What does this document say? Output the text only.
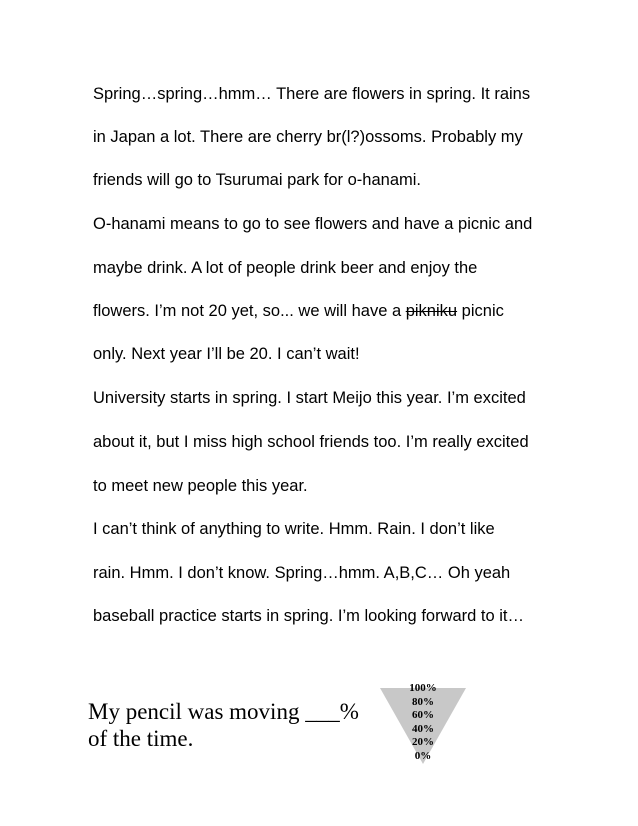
Spring…spring…hmm… There are flowers in spring. It rains
in Japan a lot. There are cherry br(l?)ossoms. Probably my
friends will go to Tsurumai park for o-hanami.
O-hanami means to go to see flowers and have a picnic and
maybe drink. A lot of people drink beer and enjoy the
flowers. I’m not 20 yet, so... we will have a pikniku picnic
only. Next year I’ll be 20. I can’t wait!
University starts in spring. I start Meijo this year. I’m excited
about it, but I miss high school friends too. I’m really excited
to meet new people this year.
I can’t think of anything to write. Hmm. Rain. I don’t like
rain. Hmm. I don’t know. Spring…hmm. A,B,C… Oh yeah
baseball practice starts in spring. I’m looking forward to it…
My pencil was moving ___%
of the time.
100%
80%
60%
40%
20%
0%
